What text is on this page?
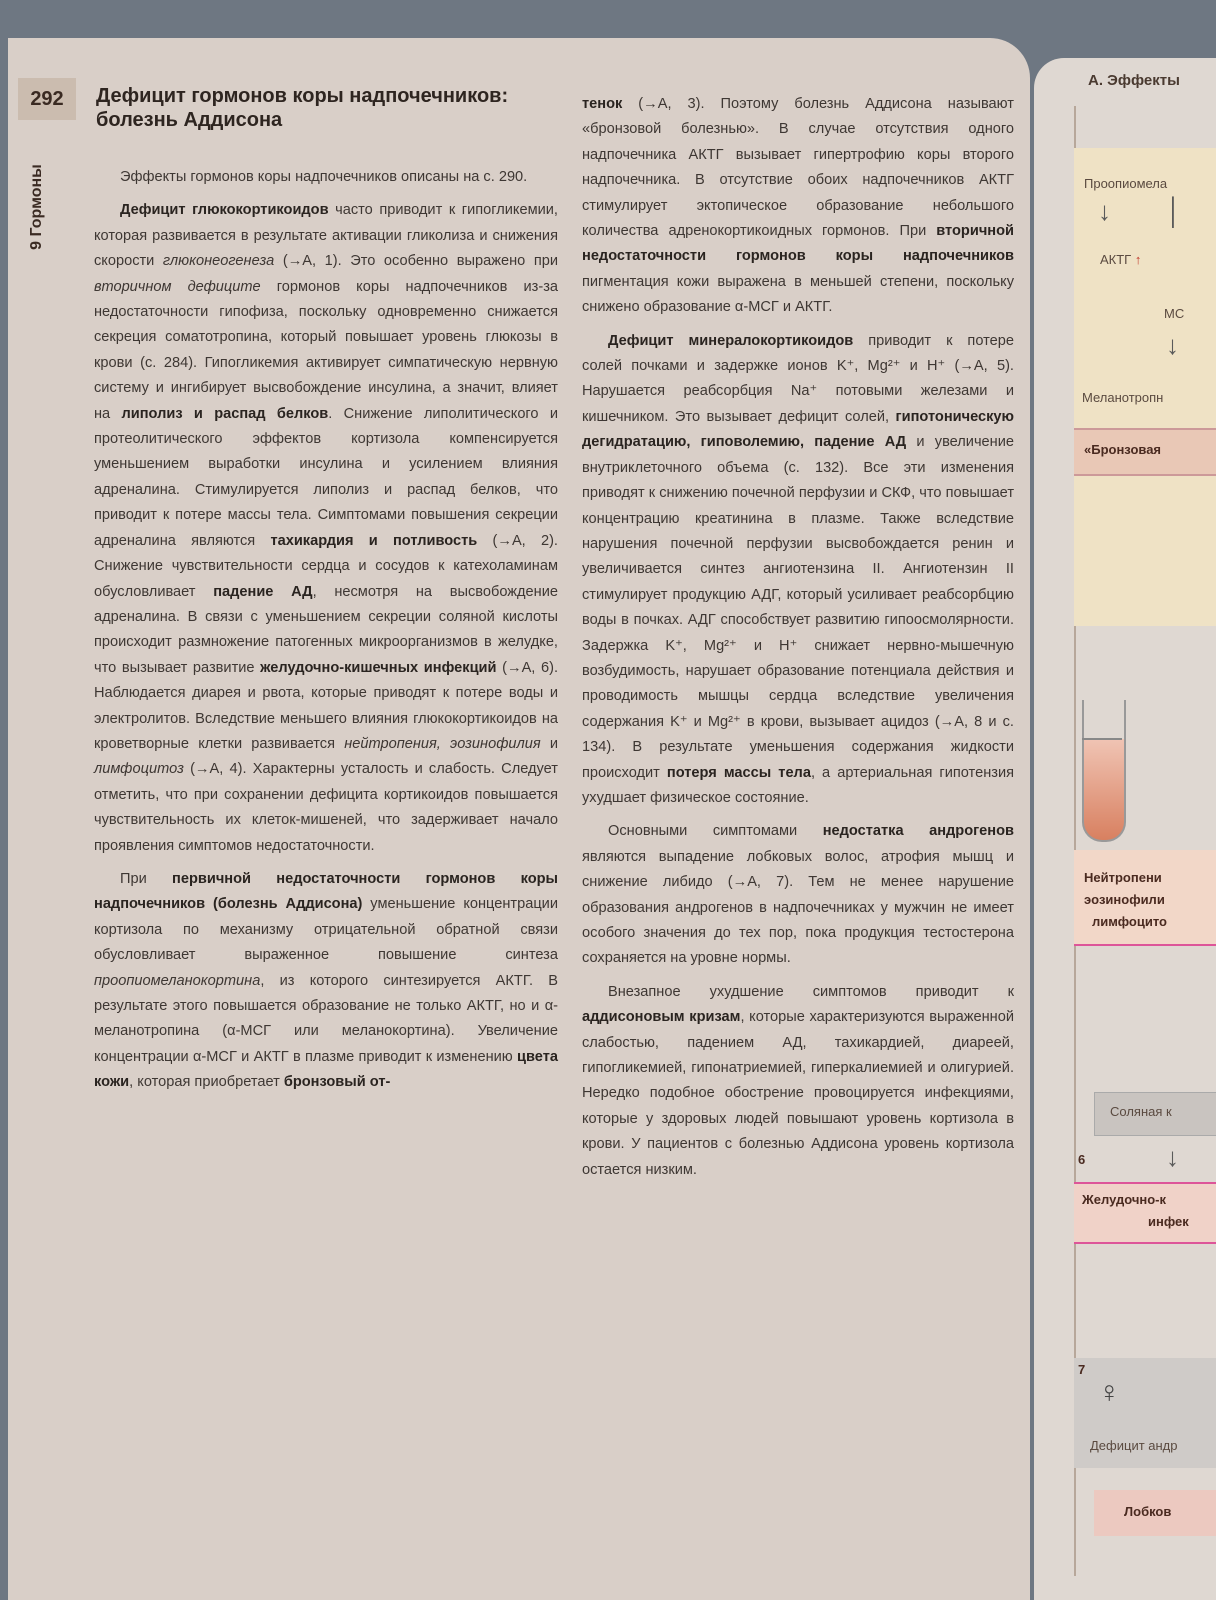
292
9 Гормоны
Дефицит гормонов коры надпочечников: болезнь Аддисона

Эффекты гормонов коры надпочечников описаны на с. 290.

Дефицит глюкокортикоидов часто приводит к гипогликемии, которая развивается в результате активации гликолиза и снижения скорости глюконеогенеза (→А, 1). Это особенно выражено при вторичном дефиците гормонов коры надпочечников из-за недостаточности гипофиза, поскольку одновременно снижается секреция соматотропина, который повышает уровень глюкозы в крови (с. 284). Гипогликемия активирует симпатическую нервную систему и ингибирует высвобождение инсулина, а значит, влияет на липолиз и распад белков. Снижение липолитического и протеолитического эффектов кортизола компенсируется уменьшением выработки инсулина и усилением влияния адреналина. Стимулируется липолиз и распад белков, что приводит к потере массы тела. Симптомами повышения секреции адреналина являются тахикардия и потливость (→А, 2). Снижение чувствительности сердца и сосудов к катехоламинам обусловливает падение АД, несмотря на высвобождение адреналина. В связи с уменьшением секреции соляной кислоты происходит размножение патогенных микроорганизмов в желудке, что вызывает развитие желудочно-кишечных инфекций (→А, 6). Наблюдается диарея и рвота, которые приводят к потере воды и электролитов. Вследствие меньшего влияния глюкокортикоидов на кроветворные клетки развивается нейтропения, эозинофилия и лимфоцитоз (→А, 4). Характерны усталость и слабость. Следует отметить, что при сохранении дефицита кортикоидов повышается чувствительность их клеток-мишеней, что задерживает начало проявления симптомов недостаточности.

При первичной недостаточности гормонов коры надпочечников (болезнь Аддисона) уменьшение концентрации кортизола по механизму отрицательной обратной связи обусловливает выраженное повышение синтеза проопиомеланокортина, из которого синтезируется АКТГ. В результате этого повышается образование не только АКТГ, но и α-меланотропина (α-МСГ или меланокортина). Увеличение концентрации α-МСГ и АКТГ в плазме приводит к изменению цвета кожи, которая приобретает бронзовый от-

тенок (→А, 3). Поэтому болезнь Аддисона называют «бронзовой болезнью». В случае отсутствия одного надпочечника АКТГ вызывает гипертрофию коры второго надпочечника. В отсутствие обоих надпочечников АКТГ стимулирует эктопическое образование небольшого количества адренокортикоидных гормонов. При вторичной недостаточности гормонов коры надпочечников пигментация кожи выражена в меньшей степени, поскольку снижено образование α-МСГ и АКТГ.

Дефицит минералокортикоидов приводит к потере солей почками и задержке ионов K⁺, Mg²⁺ и H⁺ (→А, 5). Нарушается реабсорбция Na⁺ потовыми железами и кишечником. Это вызывает дефицит солей, гипотоническую дегидратацию, гиповолемию, падение АД и увеличение внутриклеточного объема (с. 132). Все эти изменения приводят к снижению почечной перфузии и СКФ, что повышает концентрацию креатинина в плазме. Также вследствие нарушения почечной перфузии высвобождается ренин и увеличивается синтез ангиотензина II. Ангиотензин II стимулирует продукцию АДГ, который усиливает реабсорбцию воды в почках. АДГ способствует развитию гипоосмолярности. Задержка K⁺, Mg²⁺ и H⁺ снижает нервно-мышечную возбудимость, нарушает образование потенциала действия и проводимость мышцы сердца вследствие увеличения содержания K⁺ и Mg²⁺ в крови, вызывает ацидоз (→А, 8 и с. 134). В результате уменьшения содержания жидкости происходит потеря массы тела, а артериальная гипотензия ухудшает физическое состояние.

Основными симптомами недостатка андрогенов являются выпадение лобковых волос, атрофия мышц и снижение либидо (→А, 7). Тем не менее нарушение образования андрогенов в надпочечниках у мужчин не имеет особого значения до тех пор, пока продукция тестостерона сохраняется на уровне нормы.

Внезапное ухудшение симптомов приводит к аддисоновым кризам, которые характеризуются выраженной слабостью, падением АД, тахикардией, диареей, гипогликемией, гипонатриемией, гиперкалиемией и олигурией. Нередко подобное обострение провоцируется инфекциями, которые у здоровых людей повышают уровень кортизола в крови. У пациентов с болезнью Аддисона уровень кортизола остается низким.

А. Эффекты
Проопиомела
↓
АКТГ ↑
│
МС
↓
Меланотропн
«Бронзовая
Нейтропени
эозинофили
лимфоцито
Соляная к
6	↓
Желудочно-к
инфек
7
♀
Дефицит андр
Лобков
